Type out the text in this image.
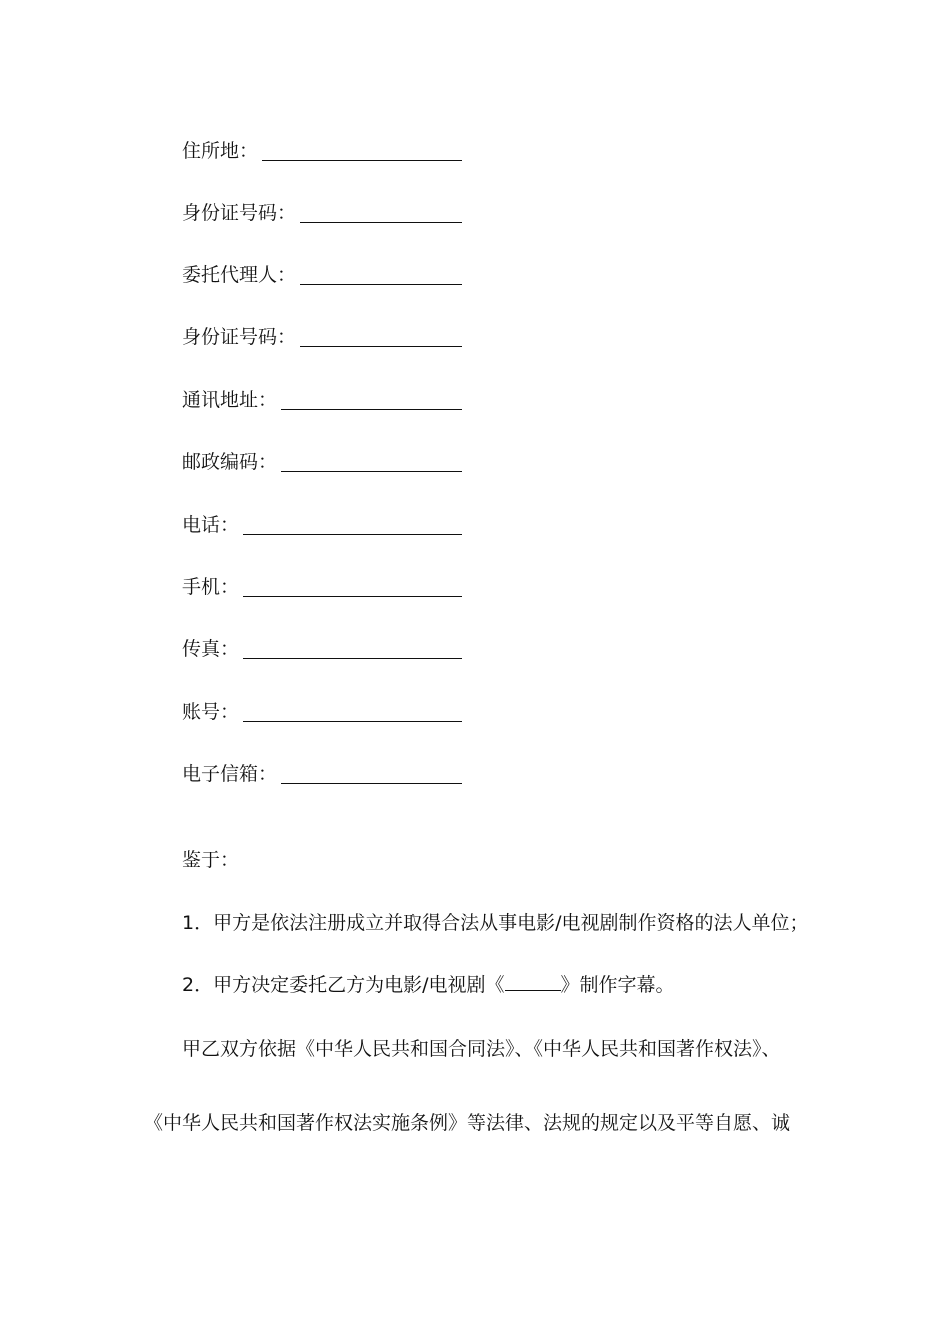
住所地：
身份证号码：
委托代理人：
身份证号码：
通讯地址：
邮政编码：
电话：
手机：
传真：
账号：
电子信箱：
鉴于：
1．甲方是依法注册成立并取得合法从事电影/电视剧制作资格的法人单位；
2．甲方决定委托乙方为电影/电视剧《	》制作字幕。
甲乙双方依据《中华人民共和国合同法》、《中华人民共和国著作权法》、
《中华人民共和国著作权法实施条例》等法律、法规的规定以及平等自愿、诚
